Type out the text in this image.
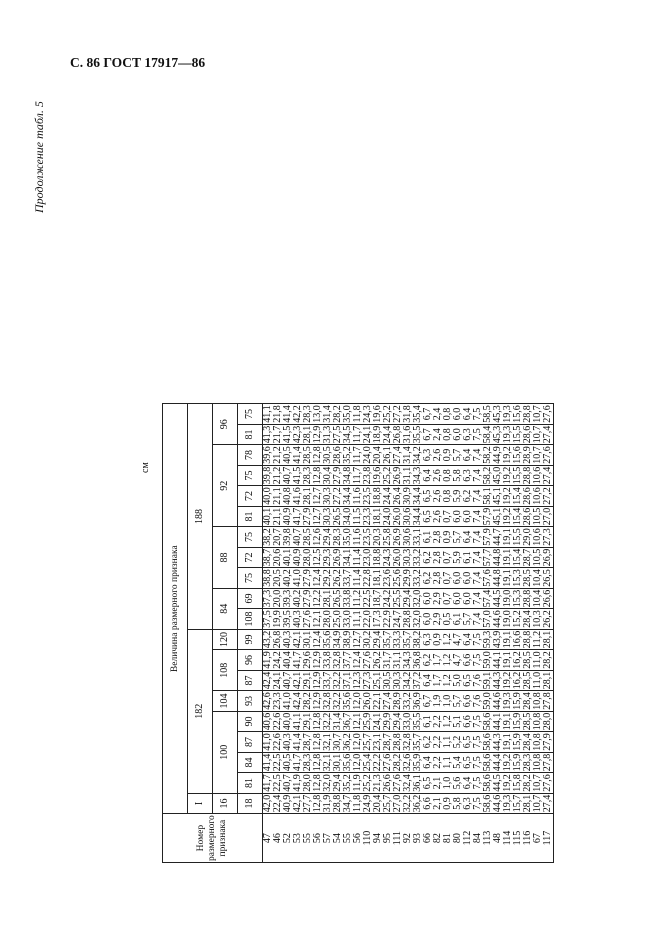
С. 86 ГОСТ 17917—86
Продолжение табл. 5
см
Номер размерного признака	Величина размерного признака																			
	I	182								188										
	16	100				104	108		120	84		88			92				96	
	18	81	84	87	90	93	87	96	99	108	69	75	72	75	81	72	75	78	81	75
47	42,0	41,7	41,4	41,0	40,6	42,6	42,4	41,9	43,2	37,5	37,3	38,8	38,7	38,2	40,1	40,0	39,8	39,6	41,3	41,1
46	22,4	22,5	22,5	22,6	22,6	23,3	24,1	24,2	26,8	19,9	20,0	20,5	20,6	20,7	21,1	21,1	21,2	21,2	21,7	21,8
52	40,9	40,7	40,5	40,3	40,0	41,0	40,7	40,4	40,3	39,5	39,3	40,2	40,1	39,8	40,9	40,8	40,7	40,5	41,5	41,4
53	42,1	41,9	41,7	41,4	41,1	42,4	42,1	41,7	42,1	40,3	40,2	41,0	40,9	40,7	41,7	41,6	41,5	41,4	42,3	42,2
55	27,7	28,0	28,3	28,7	29,1	28,2	29,1	29,6	30,1	27,6	27,9	27,9	28,0	28,5	27,9	28,1	28,3	28,5	28,1	28,3
56	12,8	12,8	12,8	12,8	12,8	12,9	12,9	12,9	12,4	12,1	12,2	12,4	12,5	12,6	12,7	12,7	12,8	12,8	12,9	13,0
57	31,9	32,0	32,1	32,1	32,2	32,8	33,7	33,8	35,6	28,0	28,1	29,2	29,3	29,4	30,3	30,3	30,4	30,5	31,3	31,4
54	28,8	29,4	30,1	30,7	31,4	32,2	32,2	32,8	34,9	25,0	26,5	26,2	26,9	28,3	26,5	27,2	27,9	28,6	27,5	28,2
55	34,7	35,2	35,6	36,2	36,7	35,6	37,1	37,7	38,9	33,0	33,8	33,7	34,1	35,0	34,0	34,4	34,8	35,2	34,5	35,0
56	11,8	11,9	12,0	12,0	12,1	12,0	12,3	12,4	12,7	11,1	11,2	11,4	11,4	11,6	11,5	11,6	11,7	11,7	11,7	11,8
110	24,9	25,2	25,4	25,7	25,9	26,0	27,3	27,6	30,2	22,0	22,5	22,8	23,0	23,5	23,3	23,5	23,8	24,0	24,1	24,3
94	20,4	21,3	22,2	23,1	24,1	22,1	25,1	26,2	29,4	17,3	18,7	18,1	18,8	20,3	18,1	18,8	19,6	20,4	18,9	19,6
95	25,7	26,6	27,6	28,7	29,9	27,4	30,5	31,7	35,7	22,9	24,2	23,6	24,3	25,8	24,0	24,4	25,2	26,1	24,4	25,2
111	27,0	27,6	28,2	28,8	29,4	28,9	30,3	31,1	33,3	24,7	25,5	25,6	26,0	26,9	26,0	26,4	26,9	27,4	26,8	27,2
92	32,2	32,4	32,6	32,8	33,0	33,2	34,2	34,3	35,7	28,8	29,4	29,9	30,3	30,6	30,6	30,9	31,1	31,4	31,6	31,8
93	36,2	36,1	35,9	35,7	35,5	36,9	37,2	36,8	38,2	32,0	32,0	33,2	33,2	33,1	34,4	34,4	34,3	34,2	35,5	35,4
66	6,6	6,5	6,4	6,2	6,1	6,7	6,4	6,2	6,3	6,0	6,0	6,2	6,2	6,1	6,5	6,5	6,4	6,3	6,7	6,7
82	2,1	2,1	2,2	2,2	2,2	1,9	1,7	1,7	0,9	2,9	2,9	2,8	2,8	2,8	2,6	2,6	2,6	2,6	2,4	2,4
81	0,9	1,0	1,1	1,1	1,2	1,0	1,2	1,2	1,2	0,5	0,7	0,7	0,7	0,9	0,7	0,8	0,8	0,9	0,8	0,8
80	5,8	5,6	5,4	5,2	5,1	5,7	5,0	4,7	4,7	6,1	6,0	6,0	5,9	5,7	6,0	5,9	5,8	5,7	6,0	6,0
112	6,3	6,4	6,5	6,5	6,6	6,6	6,5	6,6	6,4	5,7	6,0	6,0	6,1	6,4	6,0	6,2	6,3	6,4	6,3	6,4
84	7,5	7,5	7,5	7,5	7,5	7,6	7,6	7,5	7,5	7,4	7,4	7,4	7,4	7,4	7,4	7,4	7,4	7,4	7,5	7,5
113	58,6	58,6	58,6	58,6	58,6	59,0	59,1	59,0	59,3	57,0	57,4	57,6	57,7	57,9	57,9	58,1	58,2	58,2	58,4	58,5
48	44,6	44,5	44,4	44,3	44,1	44,6	44,3	44,1	43,9	44,6	44,5	44,8	44,8	44,7	45,1	45,1	45,0	44,9	45,3	45,3
114	19,3	19,2	19,2	19,1	19,1	19,3	19,2	19,1	19,1	19,0	19,0	19,1	19,1	19,1	19,2	19,2	19,2	19,2	19,3	19,3
115	15,7	15,8	15,9	15,9	15,9	15,9	16,2	16,2	16,6	15,2	15,3	15,3	15,4	15,5	15,4	15,4	15,5	15,6	15,5	15,6
116	28,1	28,2	28,3	28,4	28,5	28,4	28,5	28,5	28,8	28,4	28,8	28,5	28,7	29,0	28,6	28,6	28,8	28,9	28,6	28,8
67	10,7	10,7	10,8	10,8	10,8	10,8	11,0	11,0	11,2	10,3	10,4	10,4	10,5	10,6	10,5	10,6	10,6	10,7	10,7	10,7
117	27,4	27,6	27,8	27,9	28,0	27,8	28,1	28,2	28,1	26,2	26,6	26,5	26,9	27,3	27,0	27,2	27,4	27,6	27,4	27,6
